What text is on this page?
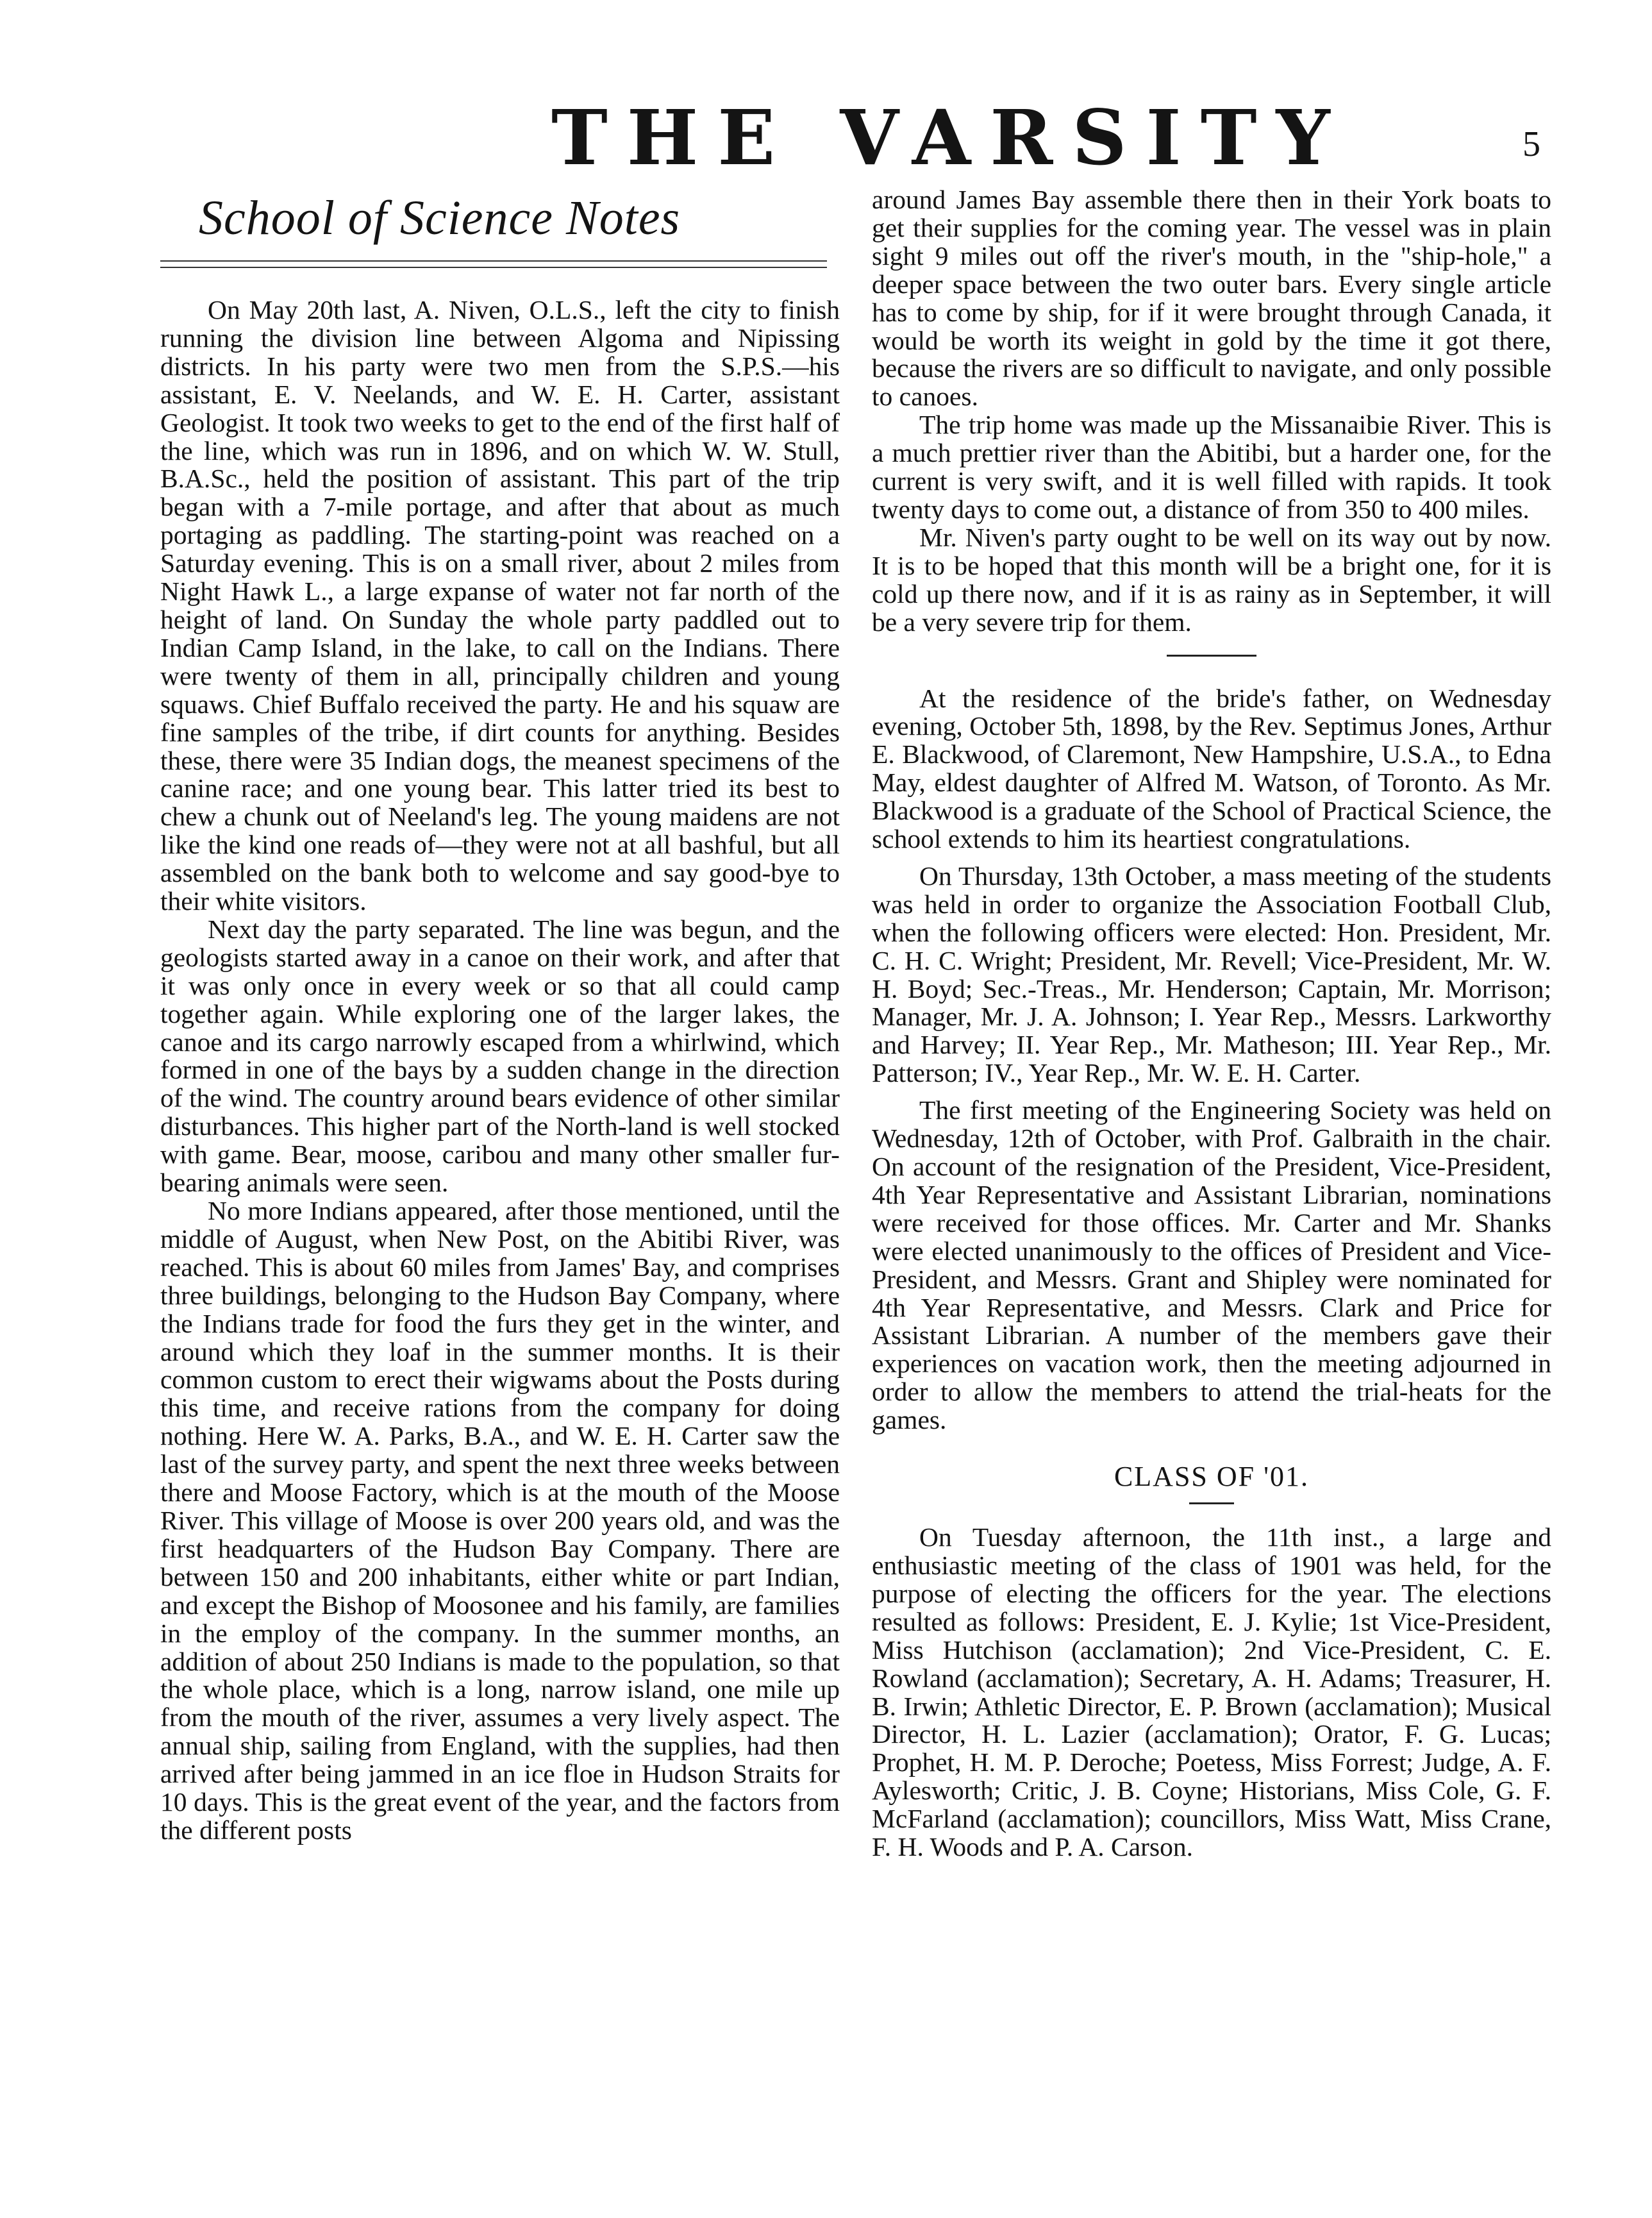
THE VARSITY	5
School of Science Notes

On May 20th last, A. Niven, O.L.S., left the city to finish running the division line between Algoma and Nipissing districts. In his party were two men from the S.P.S.—his assistant, E. V. Neelands, and W. E. H. Carter, assistant Geologist. It took two weeks to get to the end of the first half of the line, which was run in 1896, and on which W. W. Stull, B.A.Sc., held the position of assistant. This part of the trip began with a 7-mile portage, and after that about as much portaging as paddling. The starting-point was reached on a Saturday evening. This is on a small river, about 2 miles from Night Hawk L., a large expanse of water not far north of the height of land. On Sunday the whole party paddled out to Indian Camp Island, in the lake, to call on the Indians. There were twenty of them in all, principally children and young squaws. Chief Buffalo received the party. He and his squaw are fine samples of the tribe, if dirt counts for anything. Besides these, there were 35 Indian dogs, the meanest specimens of the canine race; and one young bear. This latter tried its best to chew a chunk out of Neeland's leg. The young maidens are not like the kind one reads of—they were not at all bashful, but all assembled on the bank both to welcome and say good-bye to their white visitors.

Next day the party separated. The line was begun, and the geologists started away in a canoe on their work, and after that it was only once in every week or so that all could camp together again. While exploring one of the larger lakes, the canoe and its cargo narrowly escaped from a whirlwind, which formed in one of the bays by a sudden change in the direction of the wind. The country around bears evidence of other similar disturbances. This higher part of the North-land is well stocked with game. Bear, moose, caribou and many other smaller fur-bearing animals were seen.

No more Indians appeared, after those mentioned, until the middle of August, when New Post, on the Abitibi River, was reached. This is about 60 miles from James' Bay, and comprises three buildings, belonging to the Hudson Bay Company, where the Indians trade for food the furs they get in the winter, and around which they loaf in the summer months. It is their common custom to erect their wigwams about the Posts during this time, and receive rations from the company for doing nothing. Here W. A. Parks, B.A., and W. E. H. Carter saw the last of the survey party, and spent the next three weeks between there and Moose Factory, which is at the mouth of the Moose River. This village of Moose is over 200 years old, and was the first headquarters of the Hudson Bay Company. There are between 150 and 200 inhabitants, either white or part Indian, and except the Bishop of Moosonee and his family, are families in the employ of the company. In the summer months, an addition of about 250 Indians is made to the population, so that the whole place, which is a long, narrow island, one mile up from the mouth of the river, assumes a very lively aspect. The annual ship, sailing from England, with the supplies, had then arrived after being jammed in an ice floe in Hudson Straits for 10 days. This is the great event of the year, and the factors from the different posts

around James Bay assemble there then in their York boats to get their supplies for the coming year. The vessel was in plain sight 9 miles out off the river's mouth, in the "ship-hole," a deeper space between the two outer bars. Every single article has to come by ship, for if it were brought through Canada, it would be worth its weight in gold by the time it got there, because the rivers are so difficult to navigate, and only possible to canoes.

The trip home was made up the Missanaibie River. This is a much prettier river than the Abitibi, but a harder one, for the current is very swift, and it is well filled with rapids. It took twenty days to come out, a distance of from 350 to 400 miles.

Mr. Niven's party ought to be well on its way out by now. It is to be hoped that this month will be a bright one, for it is cold up there now, and if it is as rainy as in September, it will be a very severe trip for them.

At the residence of the bride's father, on Wednesday evening, October 5th, 1898, by the Rev. Septimus Jones, Arthur E. Blackwood, of Claremont, New Hampshire, U.S.A., to Edna May, eldest daughter of Alfred M. Watson, of Toronto. As Mr. Blackwood is a graduate of the School of Practical Science, the school extends to him its heartiest congratulations.

On Thursday, 13th October, a mass meeting of the students was held in order to organize the Association Football Club, when the following officers were elected: Hon. President, Mr. C. H. C. Wright; President, Mr. Revell; Vice-President, Mr. W. H. Boyd; Sec.-Treas., Mr. Henderson; Captain, Mr. Morrison; Manager, Mr. J. A. Johnson; I. Year Rep., Messrs. Larkworthy and Harvey; II. Year Rep., Mr. Matheson; III. Year Rep., Mr. Patterson; IV., Year Rep., Mr. W. E. H. Carter.

The first meeting of the Engineering Society was held on Wednesday, 12th of October, with Prof. Galbraith in the chair. On account of the resignation of the President, Vice-President, 4th Year Representative and Assistant Librarian, nominations were received for those offices. Mr. Carter and Mr. Shanks were elected unanimously to the offices of President and Vice-President, and Messrs. Grant and Shipley were nominated for 4th Year Representative, and Messrs. Clark and Price for Assistant Librarian. A number of the members gave their experiences on vacation work, then the meeting adjourned in order to allow the members to attend the trial-heats for the games.

CLASS OF '01.

On Tuesday afternoon, the 11th inst., a large and enthusiastic meeting of the class of 1901 was held, for the purpose of electing the officers for the year. The elections resulted as follows: President, E. J. Kylie; 1st Vice-President, Miss Hutchison (acclamation); 2nd Vice-President, C. E. Rowland (acclamation); Secretary, A. H. Adams; Treasurer, H. B. Irwin; Athletic Director, E. P. Brown (acclamation); Musical Director, H. L. Lazier (acclamation); Orator, F. G. Lucas; Prophet, H. M. P. Deroche; Poetess, Miss Forrest; Judge, A. F. Aylesworth; Critic, J. B. Coyne; Historians, Miss Cole, G. F. McFarland (acclamation); councillors, Miss Watt, Miss Crane, F. H. Woods and P. A. Carson.
